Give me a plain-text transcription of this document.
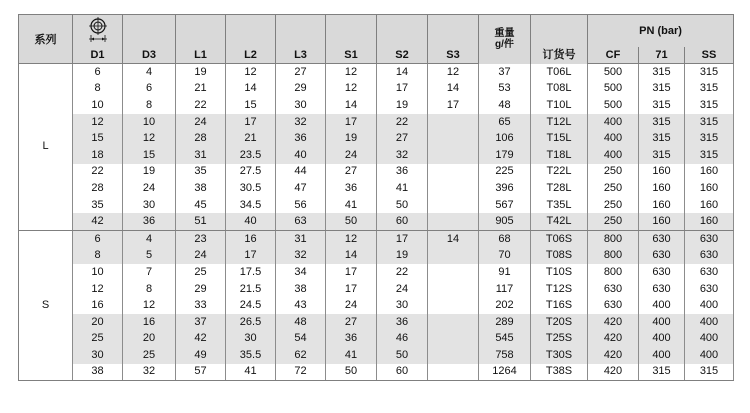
系列									重量
g/件	订货号	PN (bar)		
	D1	D3	L1	L2	L3	S1	S2	S3			CF	71	SS
L	6	4	19	12	27	12	14	12	37	T06L	500	315	315
	8	6	21	14	29	12	17	14	53	T08L	500	315	315
	10	8	22	15	30	14	19	17	48	T10L	500	315	315
	12	10	24	17	32	17	22		65	T12L	400	315	315
	15	12	28	21	36	19	27		106	T15L	400	315	315
	18	15	31	23.5	40	24	32		179	T18L	400	315	315
	22	19	35	27.5	44	27	36		225	T22L	250	160	160
	28	24	38	30.5	47	36	41		396	T28L	250	160	160
	35	30	45	34.5	56	41	50		567	T35L	250	160	160
	42	36	51	40	63	50	60		905	T42L	250	160	160
S	6	4	23	16	31	12	17	14	68	T06S	800	630	630
	8	5	24	17	32	14	19		70	T08S	800	630	630
	10	7	25	17.5	34	17	22		91	T10S	800	630	630
	12	8	29	21.5	38	17	24		117	T12S	630	630	630
	16	12	33	24.5	43	24	30		202	T16S	630	400	400
	20	16	37	26.5	48	27	36		289	T20S	420	400	400
	25	20	42	30	54	36	46		545	T25S	420	400	400
	30	25	49	35.5	62	41	50		758	T30S	420	400	400
	38	32	57	41	72	50	60		1264	T38S	420	315	315
